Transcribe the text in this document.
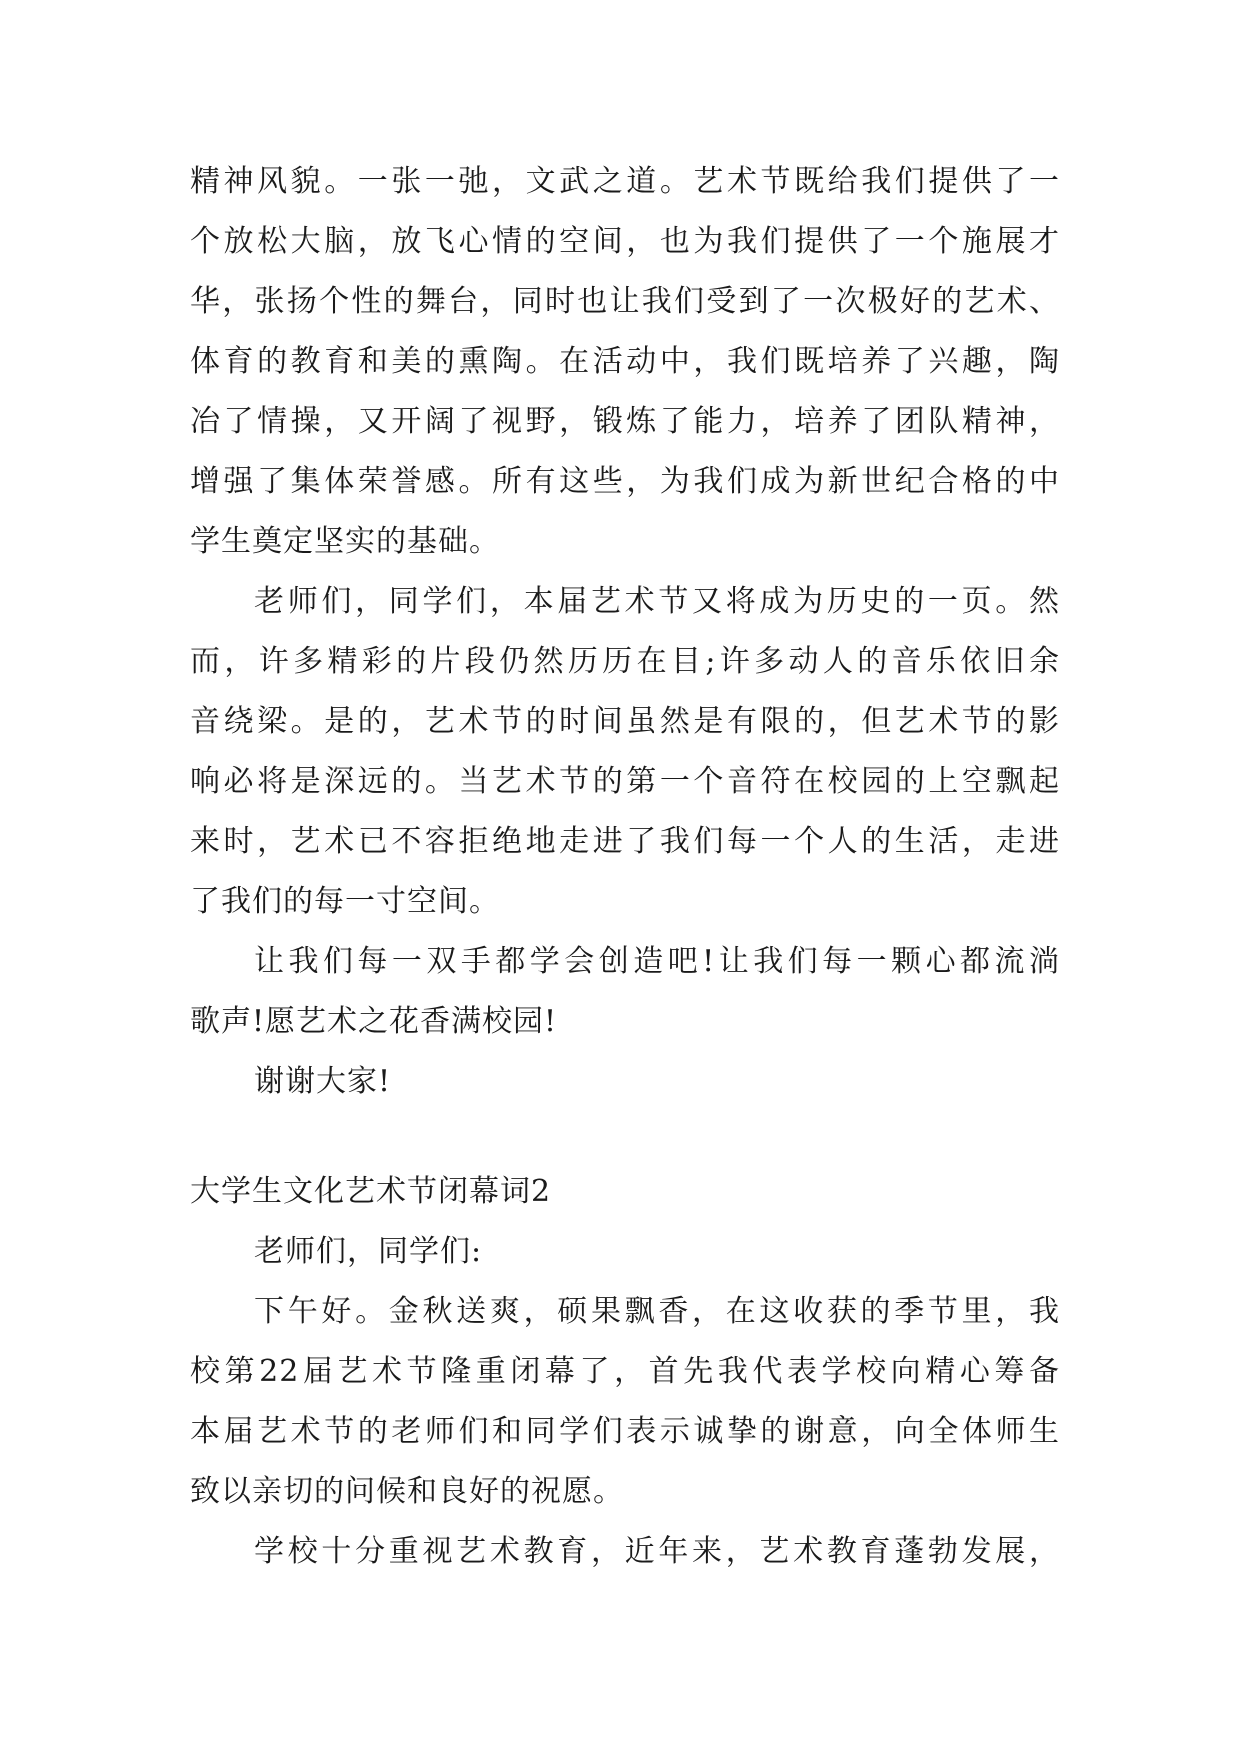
精神风貌。一张一弛，文武之道。艺术节既给我们提供了一
个放松大脑，放飞心情的空间，也为我们提供了一个施展才
华，张扬个性的舞台，同时也让我们受到了一次极好的艺术、
体育的教育和美的熏陶。在活动中，我们既培养了兴趣，陶
冶了情操，又开阔了视野，锻炼了能力，培养了团队精神，
增强了集体荣誉感。所有这些，为我们成为新世纪合格的中
学生奠定坚实的基础。
老师们，同学们，本届艺术节又将成为历史的一页。然
而，许多精彩的片段仍然历历在目;许多动人的音乐依旧余
音绕梁。是的，艺术节的时间虽然是有限的，但艺术节的影
响必将是深远的。当艺术节的第一个音符在校园的上空飘起
来时，艺术已不容拒绝地走进了我们每一个人的生活，走进
了我们的每一寸空间。
让我们每一双手都学会创造吧!让我们每一颗心都流淌
歌声!愿艺术之花香满校园!
谢谢大家!
大学生文化艺术节闭幕词2
老师们，同学们:
下午好。金秋送爽，硕果飘香，在这收获的季节里，我
校第22届艺术节隆重闭幕了，首先我代表学校向精心筹备
本届艺术节的老师们和同学们表示诚挚的谢意，向全体师生
致以亲切的问候和良好的祝愿。
学校十分重视艺术教育，近年来，艺术教育蓬勃发展，
